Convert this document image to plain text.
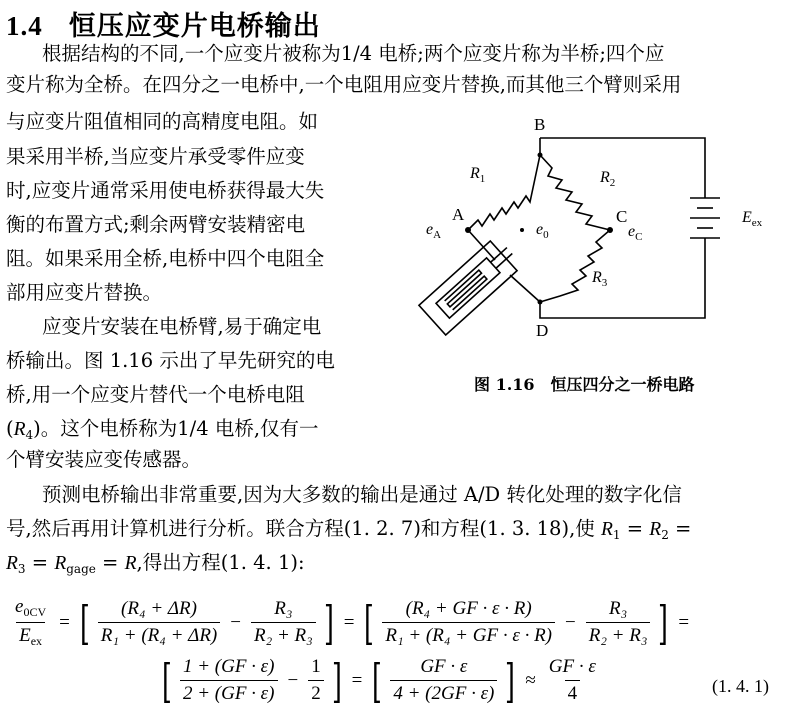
1.4 恒压应变片电桥输出
根据结构的不同,一个应变片被称为1/4 电桥;两个应变片称为半桥;四个应
变片称为全桥。在四分之一电桥中,一个电阻用应变片替换,而其他三个臂则采用
与应变片阻值相同的高精度电阻。如
果采用半桥,当应变片承受零件应变
时,应变片通常采用使电桥获得最大失
衡的布置方式;剩余两臂安装精密电
阻。如果采用全桥,电桥中四个电阻全
部用应变片替换。
应变片安装在电桥臂,易于确定电
桥输出。图 1.16 示出了早先研究的电
桥,用一个应变片替代一个电桥电阻
$(R_4)$。这个电桥称为1/4 电桥,仅有一
个臂安装应变传感器。
预测电桥输出非常重要,因为大多数的输出是通过 A/D 转化处理的数字化信
号,然后再用计算机进行分析。联合方程(1. 2. 7)和方程(1. 3. 18),使 $R_1 = R_2$ =
$R_3 = R_{gage} = R$,得出方程(1. 4. 1):
B
A	C
D
$R_1$	$R_2$
$R_3$
$e_A$	$e_0$	$e_C$
$E_{ex}$
图 1.16　恒压四分之一桥电路
$\frac{e_{0CV}}{E_{ex}}$ = [ $\frac{\text{(R₄ + ΔR)}}{\text{R₁ + (R₄ + ΔR)}} - \frac{\text{R₃}}{\text{R₂ + R₃}}$ ] = [ $\frac{\text{(R₄ + GF · ε · R)}}{\text{R₁ + (R₄ + GF · ε · R)}} - \frac{\text{R₃}}{\text{R₂ + R₃}}$ ] =
[ $\frac{1 + (GF \cdot \varepsilon)}{2 + (GF \cdot \varepsilon)} - \frac{1}{2}$ ] = [ $\frac{GF \cdot \varepsilon}{4 + (2GF \cdot \varepsilon)}$ ] ≈ $\frac{GF \cdot \varepsilon}{4}$	(1. 4. 1)
